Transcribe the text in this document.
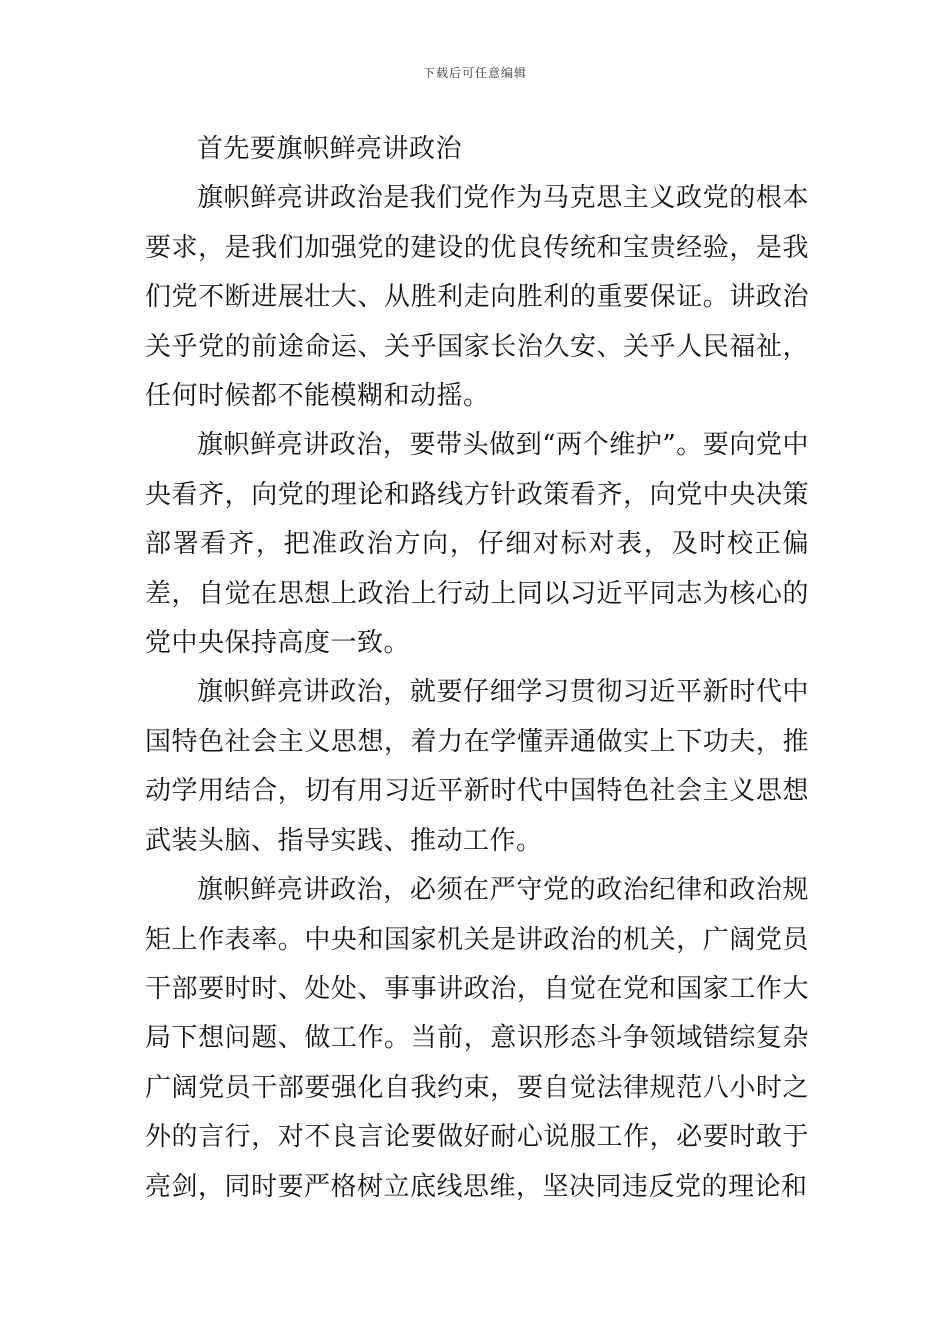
下载后可任意编辑

首先要旗帜鲜亮讲政治

旗帜鲜亮讲政治是我们党作为马克思主义政党的根本要求，是我们加强党的建设的优良传统和宝贵经验，是我们党不断进展壮大、从胜利走向胜利的重要保证。讲政治关乎党的前途命运、关乎国家长治久安、关乎人民福祉，任何时候都不能模糊和动摇。

旗帜鲜亮讲政治，要带头做到“两个维护”。要向党中央看齐，向党的理论和路线方针政策看齐，向党中央决策部署看齐，把准政治方向，仔细对标对表，及时校正偏差，自觉在思想上政治上行动上同以习近平同志为核心的党中央保持高度一致。

旗帜鲜亮讲政治，就要仔细学习贯彻习近平新时代中国特色社会主义思想，着力在学懂弄通做实上下功夫，推动学用结合，切有用习近平新时代中国特色社会主义思想武装头脑、指导实践、推动工作。

旗帜鲜亮讲政治，必须在严守党的政治纪律和政治规矩上作表率。中央和国家机关是讲政治的机关，广阔党员干部要时时、处处、事事讲政治，自觉在党和国家工作大局下想问题、做工作。当前，意识形态斗争领域错综复杂广阔党员干部要强化自我约束，要自觉法律规范八小时之外的言行，对不良言论要做好耐心说服工作，必要时敢于亮剑，同时要严格树立底线思维，坚决同违反党的理论和
